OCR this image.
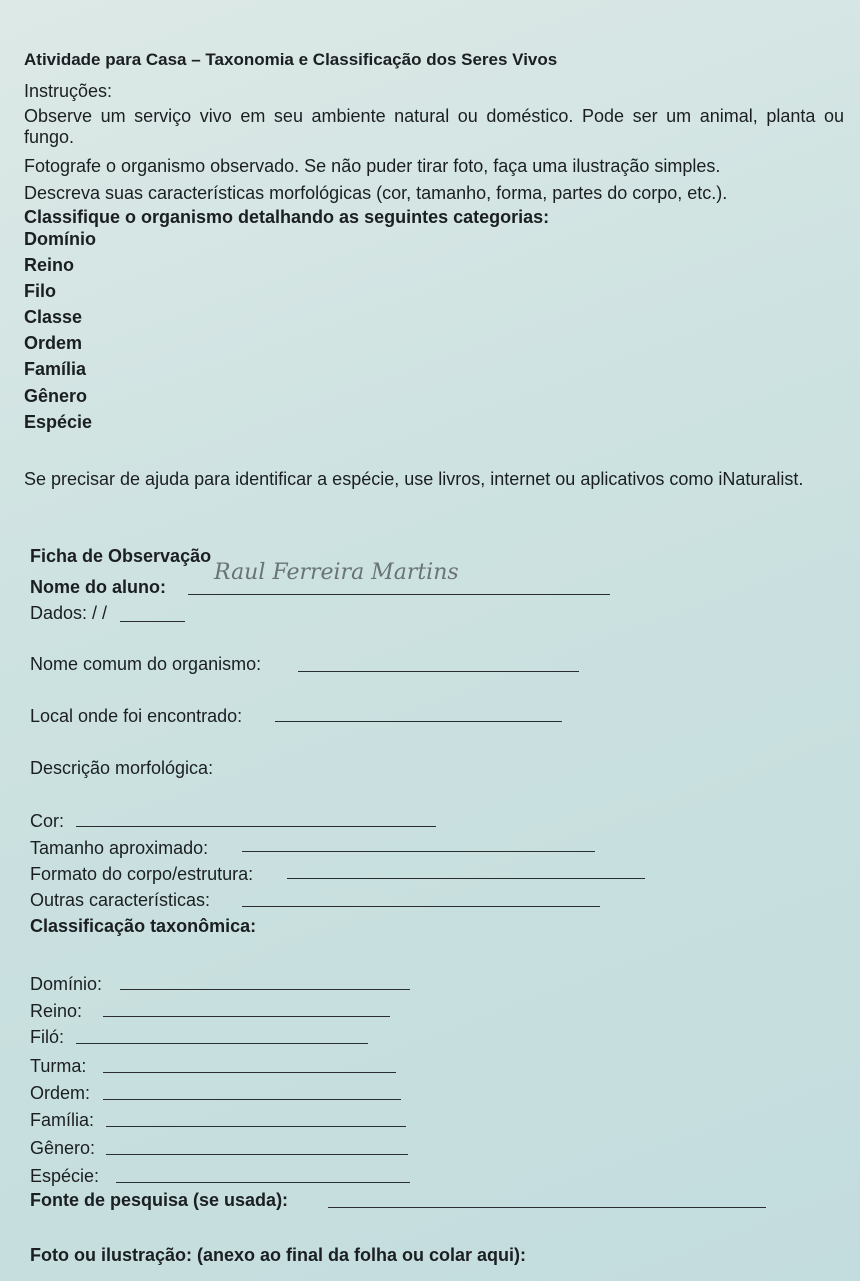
Atividade para Casa – Taxonomia e Classificação dos Seres Vivos
Instruções:
Observe um serviço vivo em seu ambiente natural ou doméstico. Pode ser um animal, planta ou fungo.
Fotografe o organismo observado. Se não puder tirar foto, faça uma ilustração simples.
Descreva suas características morfológicas (cor, tamanho, forma, partes do corpo, etc.).
Classifique o organismo detalhando as seguintes categorias:
Domínio
Reino
Filo
Classe
Ordem
Família
Gênero
Espécie
Se precisar de ajuda para identificar a espécie, use livros, internet ou aplicativos como iNaturalist.
Ficha de Observação
Nome do aluno:
Raul Ferreira Martins
Dados: / /
Nome comum do organismo:
Local onde foi encontrado:
Descrição morfológica:
Cor:
Tamanho aproximado:
Formato do corpo/estrutura:
Outras características:
Classificação taxonômica:
Domínio:
Reino:
Filó:
Turma:
Ordem:
Família:
Gênero:
Espécie:
Fonte de pesquisa (se usada):
Foto ou ilustração: (anexo ao final da folha ou colar aqui):
